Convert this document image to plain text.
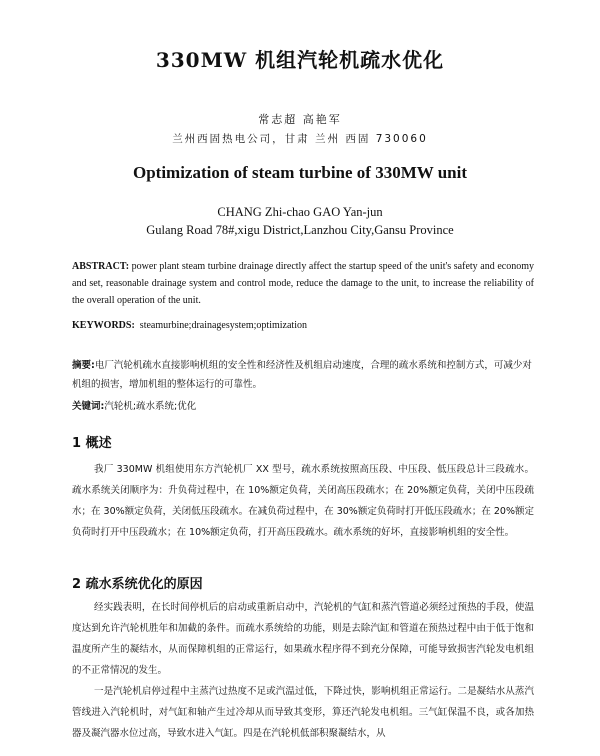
330MW 机组汽轮机疏水优化
常志超 高艳军
兰州西固热电公司，甘肃 兰州 西固 730060
Optimization of steam turbine of 330MW unit
CHANG Zhi-chao GAO Yan-jun
Gulang Road 78#,xigu District,Lanzhou City,Gansu Province
ABSTRACT: power plant steam turbine drainage directly affect the startup speed of the unit's safety and economy and set, reasonable drainage system and control mode, reduce the damage to the unit, to increase the reliability of the overall operation of the unit.
KEYWORDS: steamurbine;drainagesystem;optimization
摘要:电厂汽轮机疏水直接影响机组的安全性和经济性及机组启动速度，合理的疏水系统和控制方式，可减少对机组的损害，增加机组的整体运行的可靠性。
关键词:汽轮机;疏水系统;优化
1 概述
我厂 330MW 机组使用东方汽轮机厂 XX 型号，疏水系统按照高压段、中压段、低压段总计三段疏水。疏水系统关闭顺序为：升负荷过程中，在 10%额定负荷，关闭高压段疏水；在 20%额定负荷，关闭中压段疏水；在 30%额定负荷，关闭低压段疏水。在减负荷过程中，在 30%额定负荷时打开低压段疏水；在 20%额定负荷时打开中压段疏水；在 10%额定负荷，打开高压段疏水。疏水系统的好坏，直接影响机组的安全性。
2 疏水系统优化的原因
经实践表明，在长时间停机后的启动或重新启动中，汽轮机的气缸和蒸汽管道必须经过预热的手段，使温度达到允许汽轮机胜年和加截的条件。而疏水系统给的功能，则是去除汽缸和管道在预热过程中由于低于饱和温度所产生的凝结水，从而保障机组的正常运行，如果疏水程序得不到充分保障，可能导致损害汽轮发电机组的不正常情况的发生。
一是汽轮机启停过程中主蒸汽过热度不足或汽温过低，下降过快，影响机组正常运行。二是凝结水从蒸汽管线进入汽轮机时，对气缸和轴产生过冷却从而导致其变形，算还汽轮发电机组。三气缸保温不良，或各加热器及凝汽器水位过高，导致水进入气缸。四是在汽轮机低部积聚凝结水，从
